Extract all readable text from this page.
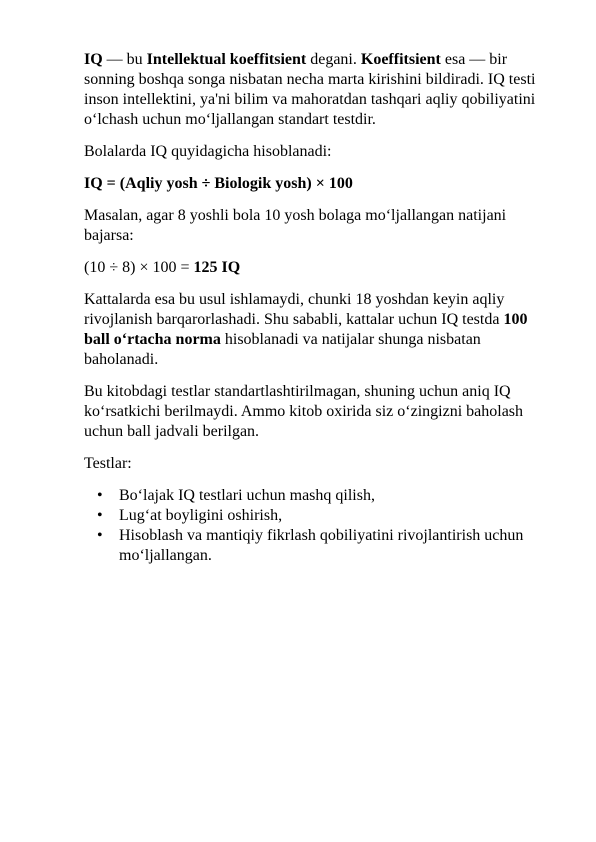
IQ — bu Intellektual koeffitsient degani. Koeffitsient esa — bir sonning boshqa songa nisbatan necha marta kirishini bildiradi. IQ testi inson intellektini, ya'ni bilim va mahoratdan tashqari aqliy qobiliyatini o‘lchash uchun mo‘ljallangan standart testdir.

Bolalarda IQ quyidagicha hisoblanadi:

IQ = (Aqliy yosh ÷ Biologik yosh) × 100

Masalan, agar 8 yoshli bola 10 yosh bolaga mo‘ljallangan natijani bajarsa:

(10 ÷ 8) × 100 = 125 IQ

Kattalarda esa bu usul ishlamaydi, chunki 18 yoshdan keyin aqliy rivojlanish barqarorlashadi. Shu sababli, kattalar uchun IQ testda 100 ball o‘rtacha norma hisoblanadi va natijalar shunga nisbatan baholanadi.

Bu kitobdagi testlar standartlashtirilmagan, shuning uchun aniq IQ ko‘rsatkichi berilmaydi. Ammo kitob oxirida siz o‘zingizni baholash uchun ball jadvali berilgan.

Testlar:

• Bo‘lajak IQ testlari uchun mashq qilish,
• Lug‘at boyligini oshirish,
• Hisoblash va mantiqiy fikrlash qobiliyatini rivojlantirish uchun mo‘ljallangan.
